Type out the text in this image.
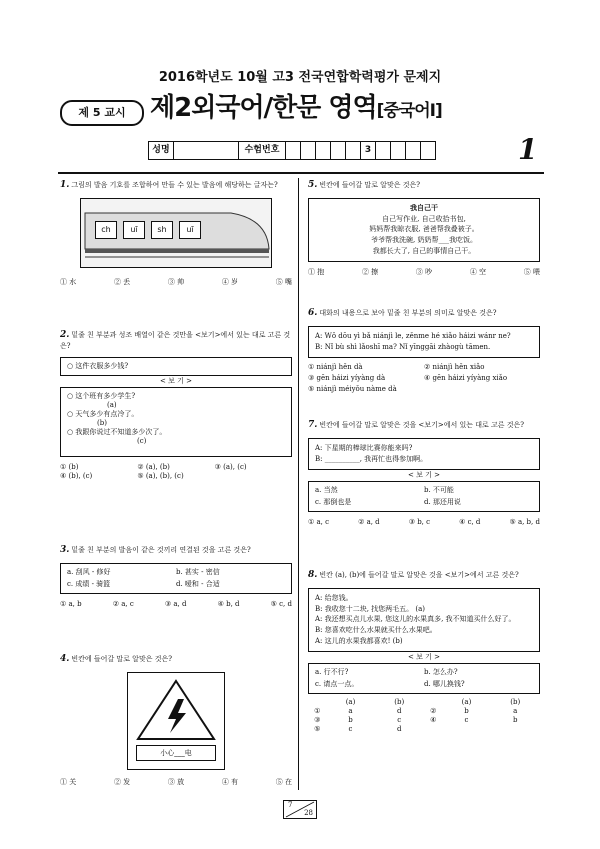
2016학년도 10월 고3 전국연합학력평가 문제지
제 5 교시 제2외국어/한문 영역[중국어Ⅰ]
성명	수험번호	3	1
1. 그림의 발음 기호를 조합하여 만들 수 있는 발음에 해당하는 글자는?
ch	uī	sh	uī
① 水	② 丢	③ 帅	④ 岁	⑤ 嘴
2. 밑줄 친 부분과 성조 배열이 같은 것만을 <보기>에서 있는 대로 고른 것은?
○ 这件衣服多少钱?
< 보 기 >
○ 这个班有多少学生?
(a)
○ 天气多少有点冷了。
(b)
○ 我跟你说过不知道多少次了。
(c)
① (b)	② (a), (b)	③ (a), (c)
④ (b), (c)	⑤ (a), (b), (c)
3. 밑줄 친 부분의 발음이 같은 것끼리 연결된 것을 고른 것은?
a. 刮风 - 修好	b. 甚实 - 密信
c. 成绩 - 骑篮	d. 嗳和 - 合适
① a, b	② a, c	③ a, d	④ b, d	⑤ c, d
4. 빈칸에 들어갈 말로 알맞은 것은?
小心___电
① 关	② 发	③ 放	④ 有	⑤ 在
5. 빈칸에 들어갈 말로 알맞은 것은?
我自己干
自己写作业, 自己收拾书包,
妈妈帮我晾衣服, 爸爸帮我叠被子。
爷爷帮我洗碗, 奶奶帮___我吃饭。
我都长大了, 自己的事情自己干。
① 抱	② 擦	③ 吵	④ 空	⑤ 喂
6. 대화의 내용으로 보아 밑줄 친 부분의 의미로 알맞은 것은?
A: Wǒ dōu yì bǎ niánjì le, zěnme hé xiǎo háizi wánr ne?
B: Nǐ bù shì lǎoshī ma? Nǐ yīnggāi zhàogù tāmen.
① niánjì hěn dà	② niánjì hěn xiǎo
③ gēn háizi yíyàng dà	④ gēn háizi yíyàng xiǎo
⑤ niánjì méiyǒu nàme dà
7. 빈칸에 들어갈 말로 알맞은 것을 <보기>에서 있는 대로 고른 것은?
A: 下星期的棒球比赛你能来吗?
B: __________, 我再忙也得参加啊。
< 보 기 >
a. 当然	b. 不可能
c. 那倒也是	d. 那还用说
① a, c	② a, d	③ b, c	④ c, d	⑤ a, b, d
8. 빈칸 (a), (b)에 들어갈 말로 알맞은 것을 <보기>에서 고른 것은?
A: 给您钱。
B: 我收您十二块, 找您两毛五。 (a)
A: 我还想买点儿水果, 您这儿的水果真多, 我不知道买什么好了。
B: 您喜欢吃什么水果就买什么水果吧。
A: 这儿的水果我都喜欢! (b)
< 보 기 >
a. 行不行?	b. 怎么办?
c. 请点一点。	d. 哪儿换钱?
	(a)	(b)		(a)	(b)
①	a	d	②	b	a
③	b	c	④	c	b
⑤	c	d			
7
28
